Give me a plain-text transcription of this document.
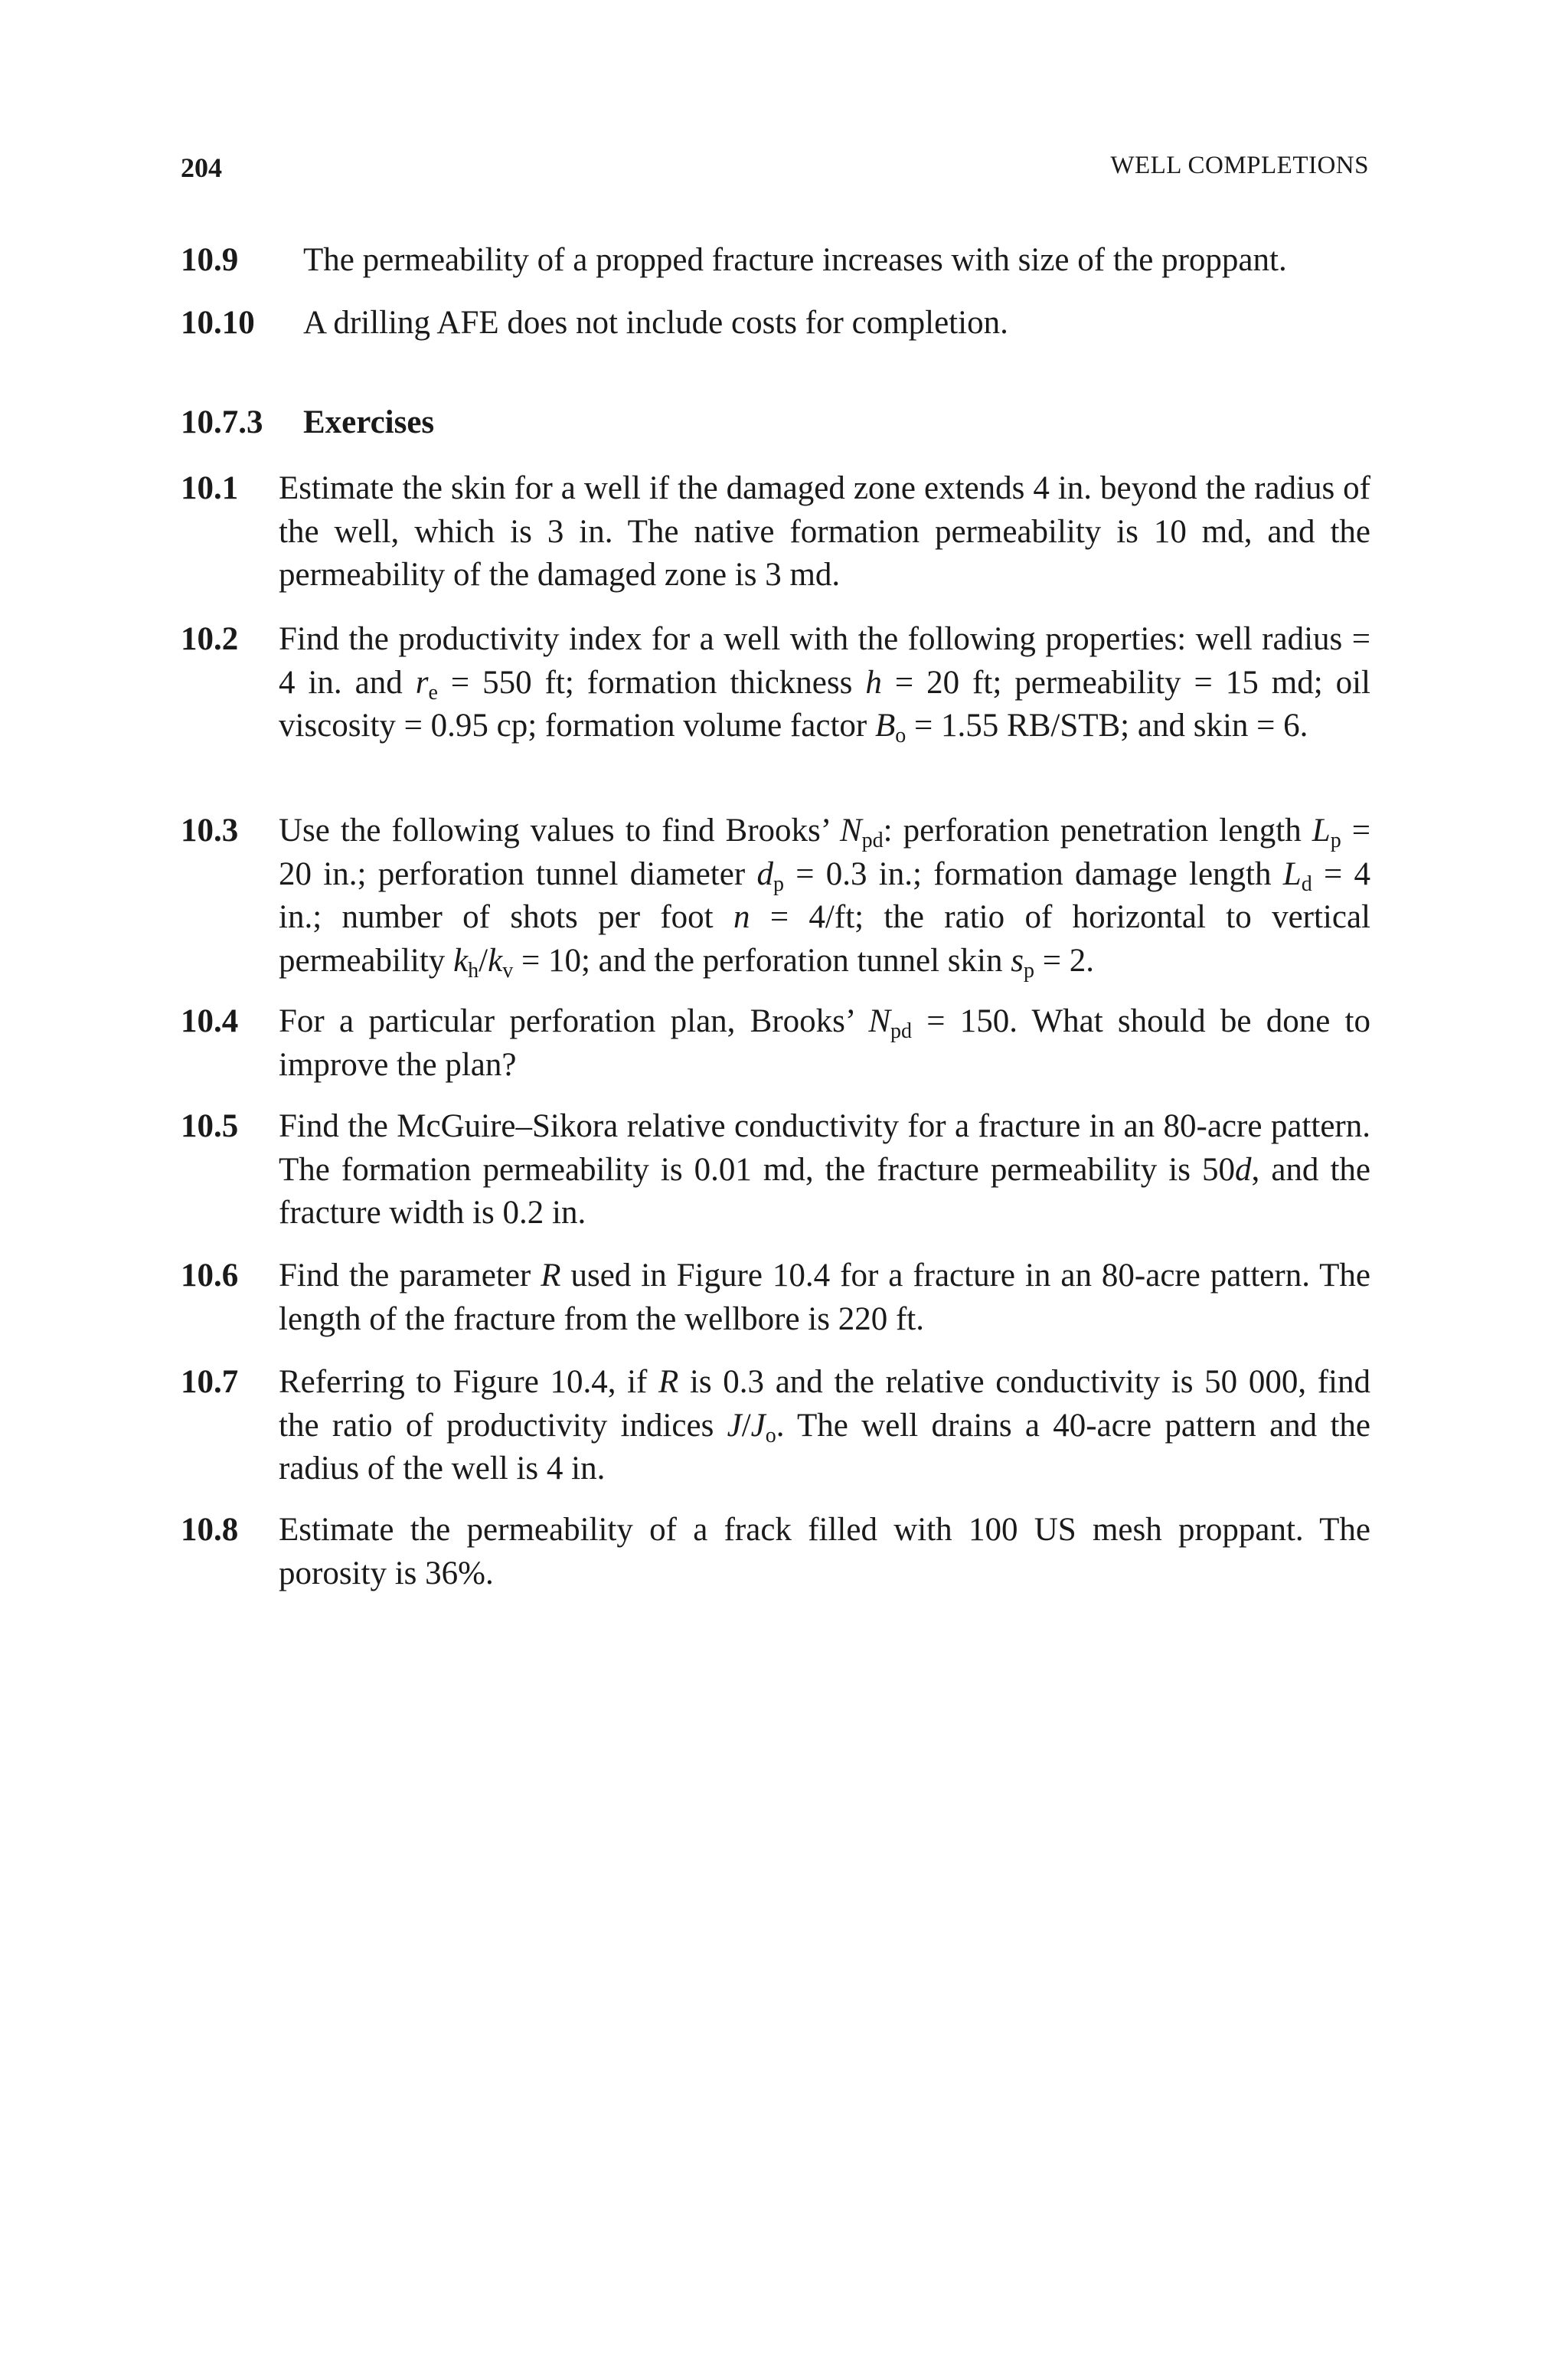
204	WELL COMPLETIONS
10.9 The permeability of a propped fracture increases with size of the proppant.
10.10 A drilling AFE does not include costs for completion.
10.7.3 Exercises
10.1 Estimate the skin for a well if the damaged zone extends 4 in. beyond the radius of the well, which is 3 in. The native formation permeability is 10 md, and the permeability of the damaged zone is 3 md.
10.2 Find the productivity index for a well with the following properties: well radius = 4 in. and $r_e = 550$ ft; formation thickness h = 20 ft; permeability = 15 md; oil viscosity = 0.95 cp; formation volume factor $B_o = 1.55$ RB/STB; and skin = 6.
10.3 Use the following values to find Brooks’ $N_{pd}$: perforation penetration length $L_p = 20$ in.; perforation tunnel diameter $d_p = 0.3$ in.; formation damage length $L_d = 4$ in.; number of shots per foot n = 4/ft; the ratio of horizontal to vertical permeability $k_h/k_v = 10$; and the perforation tunnel skin $s_p = 2$.
10.4 For a particular perforation plan, Brooks’ $N_{pd} = 150$. What should be done to improve the plan?
10.5 Find the McGuire–Sikora relative conductivity for a fracture in an 80-acre pattern. The formation permeability is 0.01 md, the fracture permeability is 50d, and the fracture width is 0.2 in.
10.6 Find the parameter R used in Figure 10.4 for a fracture in an 80-acre pattern. The length of the fracture from the wellbore is 220 ft.
10.7 Referring to Figure 10.4, if R is 0.3 and the relative conductivity is 50 000, find the ratio of productivity indices $J/J_o$. The well drains a 40-acre pattern and the radius of the well is 4 in.
10.8 Estimate the permeability of a frack filled with 100 US mesh proppant. The porosity is 36%.
